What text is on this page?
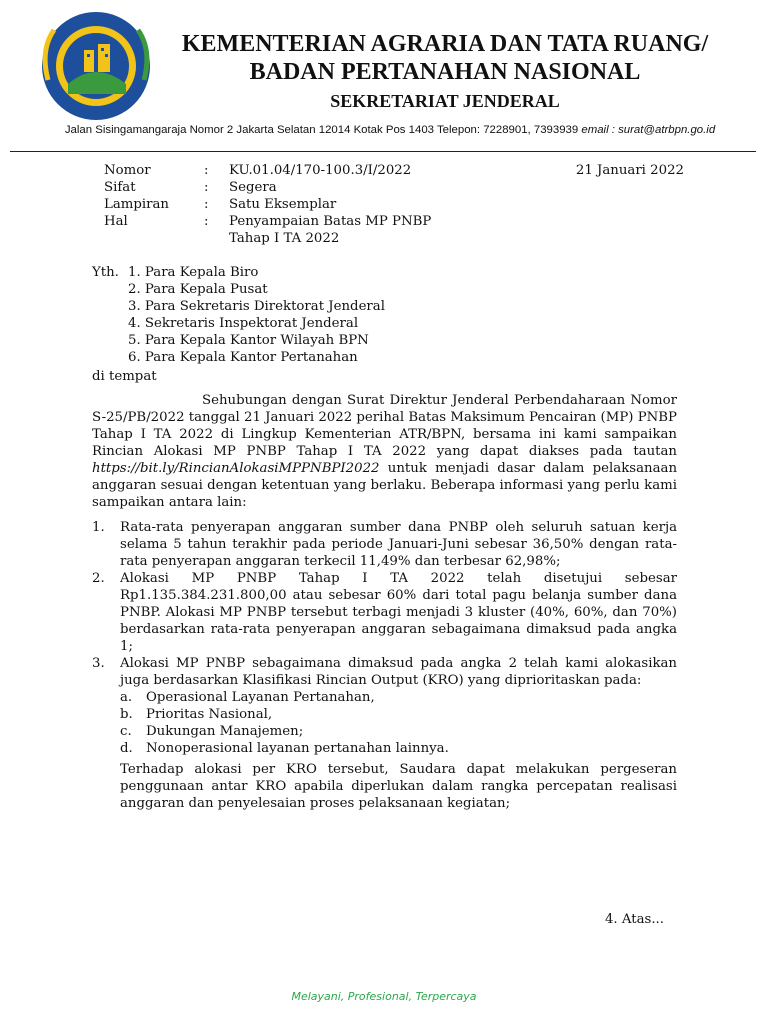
KEMENTERIAN AGRARIA DAN TATA RUANG/
BADAN PERTANAHAN NASIONAL
SEKRETARIAT JENDERAL
Jalan Sisingamangaraja Nomor 2 Jakarta Selatan 12014 Kotak Pos 1403 Telepon: 7228901, 7393939 email : surat@atrbpn.go.id
21 Januari 2022
Nomor	:	KU.01.04/170-100.3/I/2022
Sifat	:	Segera
Lampiran	:	Satu Eksemplar
Hal	:	Penyampaian Batas MP PNBP
Tahap I TA 2022
Yth. 1. Para Kepala Biro
2. Para Kepala Pusat
3. Para Sekretaris Direktorat Jenderal
4. Sekretaris Inspektorat Jenderal
5. Para Kepala Kantor Wilayah BPN
6. Para Kepala Kantor Pertanahan
di tempat
Sehubungan dengan Surat Direktur Jenderal Perbendaharaan Nomor S-25/PB/2022 tanggal 21 Januari 2022 perihal Batas Maksimum Pencairan (MP) PNBP Tahap I TA 2022 di Lingkup Kementerian ATR/BPN, bersama ini kami sampaikan Rincian Alokasi MP PNBP Tahap I TA 2022 yang dapat diakses pada tautan https://bit.ly/RincianAlokasiMPPNBPI2022 untuk menjadi dasar dalam pelaksanaan anggaran sesuai dengan ketentuan yang berlaku. Beberapa informasi yang perlu kami sampaikan antara lain:
1.	Rata-rata penyerapan anggaran sumber dana PNBP oleh seluruh satuan kerja selama 5 tahun terakhir pada periode Januari-Juni sebesar 36,50% dengan rata-rata penyerapan anggaran terkecil 11,49% dan terbesar 62,98%;
2.	Alokasi MP PNBP Tahap I TA 2022 telah disetujui sebesar Rp1.135.384.231.800,00 atau sebesar 60% dari total pagu belanja sumber dana PNBP. Alokasi MP PNBP tersebut terbagi menjadi 3 kluster (40%, 60%, dan 70%) berdasarkan rata-rata penyerapan anggaran sebagaimana dimaksud pada angka 1;
3.	Alokasi MP PNBP sebagaimana dimaksud pada angka 2 telah kami alokasikan juga berdasarkan Klasifikasi Rincian Output (KRO) yang diprioritaskan pada:
a.	Operasional Layanan Pertanahan,
b. Prioritas Nasional,
c.	Dukungan Manajemen;
d. Nonoperasional layanan pertanahan lainnya.
Terhadap alokasi per KRO tersebut, Saudara dapat melakukan pergeseran penggunaan antar KRO apabila diperlukan dalam rangka percepatan realisasi anggaran dan penyelesaian proses pelaksanaan kegiatan;
4. Atas...
Melayani, Profesional, Terpercaya
